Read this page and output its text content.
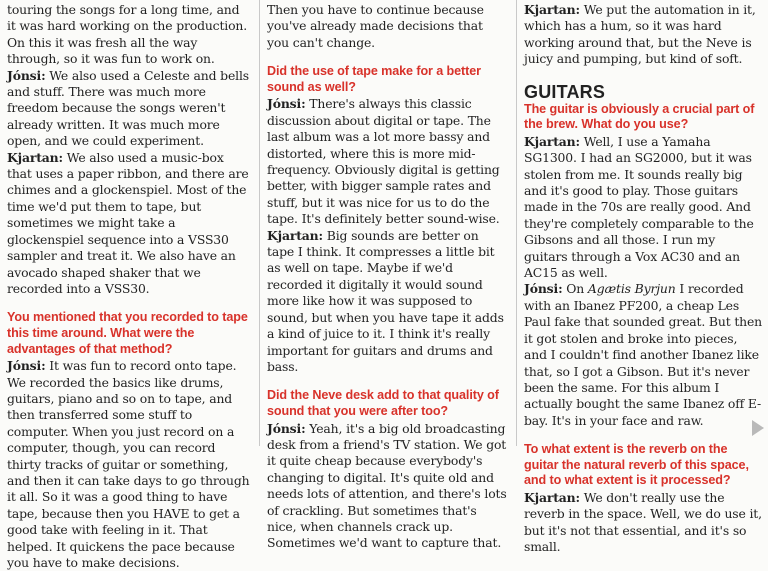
touring the songs for a long time, and it was hard working on the production. On this it was fresh all the way through, so it was fun to work on.

Jónsi: We also used a Celeste and bells and stuff. There was much more freedom because the songs weren't already written. It was much more open, and we could experiment.

Kjartan: We also used a music-box that uses a paper ribbon, and there are chimes and a glockenspiel. Most of the time we'd put them to tape, but sometimes we might take a glockenspiel sequence into a VSS30 sampler and treat it. We also have an avocado shaped shaker that we recorded into a VSS30.

You mentioned that you recorded to tape this time around. What were the advantages of that method?

Jónsi: It was fun to record onto tape. We recorded the basics like drums, guitars, piano and so on to tape, and then transferred some stuff to computer. When you just record on a computer, though, you can record thirty tracks of guitar or something, and then it can take days to go through it all. So it was a good thing to have tape, because then you HAVE to get a good take with feeling in it. That helped. It quickens the pace because you have to make decisions.

Then you have to continue because you've already made decisions that you can't change.

Did the use of tape make for a better sound as well?

Jónsi: There's always this classic discussion about digital or tape. The last album was a lot more bassy and distorted, where this is more mid-frequency. Obviously digital is getting better, with bigger sample rates and stuff, but it was nice for us to do the tape. It's definitely better sound-wise.

Kjartan: Big sounds are better on tape I think. It compresses a little bit as well on tape. Maybe if we'd recorded it digitally it would sound more like how it was supposed to sound, but when you have tape it adds a kind of juice to it. I think it's really important for guitars and drums and bass.

Did the Neve desk add to that quality of sound that you were after too?

Jónsi: Yeah, it's a big old broadcasting desk from a friend's TV station. We got it quite cheap because everybody's changing to digital. It's quite old and needs lots of attention, and there's lots of crackling. But sometimes that's nice, when channels crack up. Sometimes we'd want to capture that.

Kjartan: We put the automation in it, which has a hum, so it was hard working around that, but the Neve is juicy and pumping, but kind of soft.

GUITARS
The guitar is obviously a crucial part of the brew. What do you use?

Kjartan: Well, I use a Yamaha SG1300. I had an SG2000, but it was stolen from me. It sounds really big and it's good to play. Those guitars made in the 70s are really good. And they're completely comparable to the Gibsons and all those. I run my guitars through a Vox AC30 and an AC15 as well.

Jónsi: On Agætis Byrjun I recorded with an Ibanez PF200, a cheap Les Paul fake that sounded great. But then it got stolen and broke into pieces, and I couldn't find another Ibanez like that, so I got a Gibson. But it's never been the same. For this album I actually bought the same Ibanez off E-bay. It's in your face and raw.

To what extent is the reverb on the guitar the natural reverb of this space, and to what extent is it processed?

Kjartan: We don't really use the reverb in the space. Well, we do use it, but it's not that essential, and it's so small.
